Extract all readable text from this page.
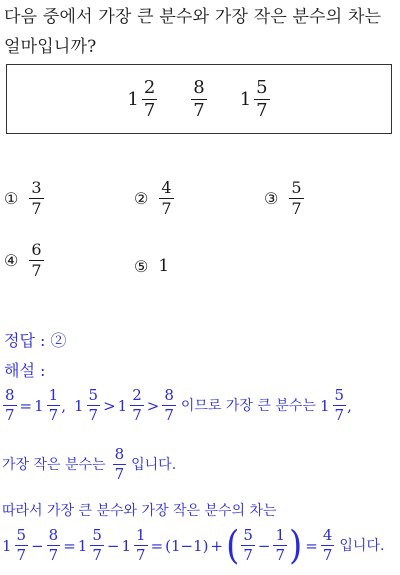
다음 중에서 가장 큰 분수와 가장 작은 분수의 차는
얼마입니까?
$1 \frac{2}{7} \frac{8}{7} 1 \frac{5}{7}$
① $\frac{3}{7}$	② $\frac{4}{7}$	③ $\frac{5}{7}$
④ $\frac{6}{7}$	⑤ 1
정답 : ②
해설 :
$\frac{8}{7} = 1 \frac{1}{7}$ , $1 \frac{5}{7} > 1 \frac{2}{7} > \frac{8}{7}$ 이므로 가장 큰 분수는 $1 \frac{5}{7}$ ,
가장 작은 분수는 $\frac{8}{7}$ 입니다.
따라서 가장 큰 분수와 가장 작은 분수의 차는
$1 \frac{5}{7} - \frac{8}{7} = 1 \frac{5}{7} - 1 \frac{1}{7} = (1-1)$ + ( $\frac{5}{7} - \frac{1}{7}$ ) = $\frac{4}{7}$ 입니다.
